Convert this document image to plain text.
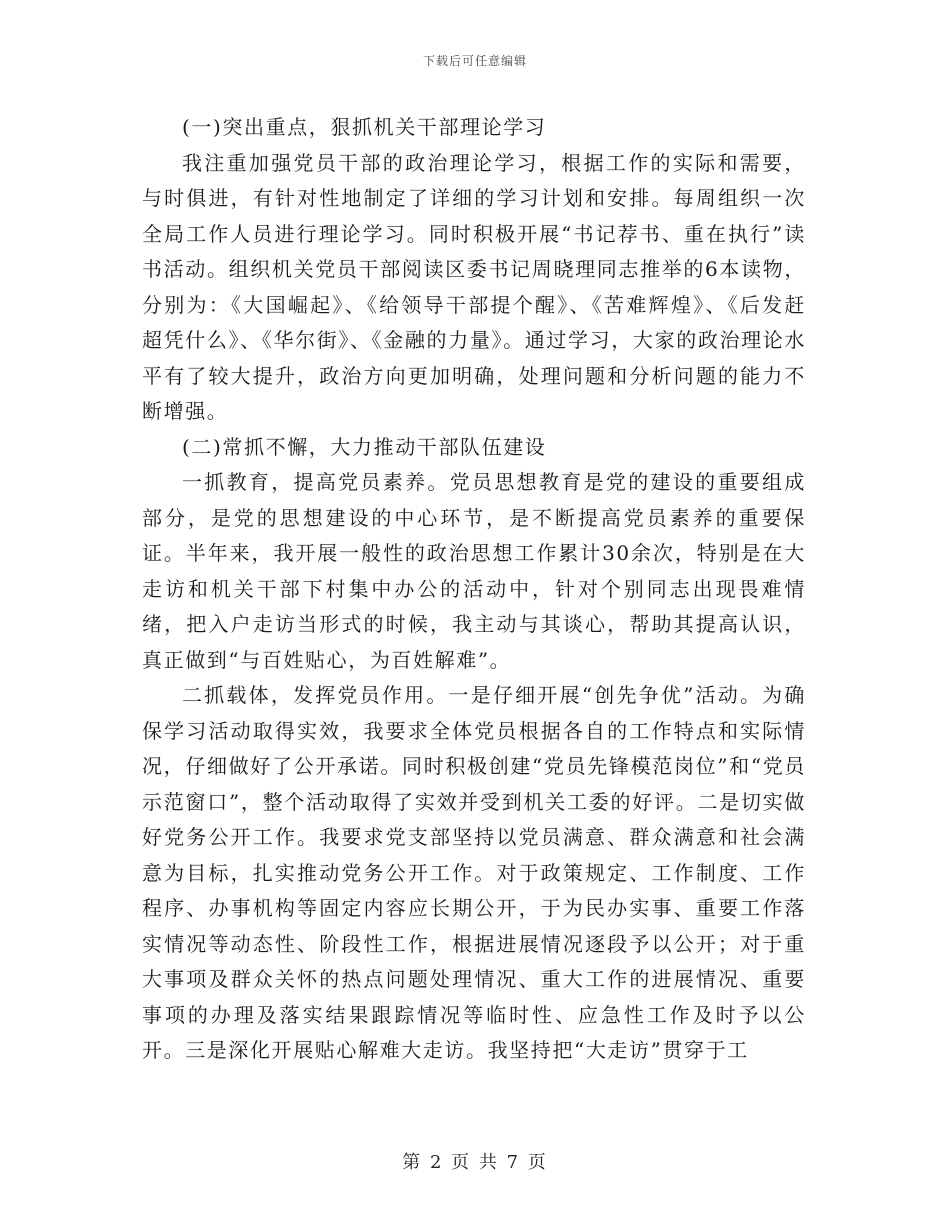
下载后可任意编辑

(一)突出重点，狠抓机关干部理论学习

我注重加强党员干部的政治理论学习，根据工作的实际和需要，与时俱进，有针对性地制定了详细的学习计划和安排。每周组织一次全局工作人员进行理论学习。同时积极开展“书记荐书、重在执行”读书活动。组织机关党员干部阅读区委书记周晓理同志推举的6本读物，分别为：《大国崛起》、《给领导干部提个醒》、《苦难辉煌》、《后发赶超凭什么》、《华尔街》、《金融的力量》。通过学习，大家的政治理论水平有了较大提升，政治方向更加明确，处理问题和分析问题的能力不断增强。

(二)常抓不懈，大力推动干部队伍建设

一抓教育，提高党员素养。党员思想教育是党的建设的重要组成部分，是党的思想建设的中心环节，是不断提高党员素养的重要保证。半年来，我开展一般性的政治思想工作累计30余次，特别是在大走访和机关干部下村集中办公的活动中，针对个别同志出现畏难情绪，把入户走访当形式的时候，我主动与其谈心，帮助其提高认识，真正做到“与百姓贴心，为百姓解难”。

二抓载体，发挥党员作用。一是仔细开展“创先争优”活动。为确保学习活动取得实效，我要求全体党员根据各自的工作特点和实际情况，仔细做好了公开承诺。同时积极创建“党员先锋模范岗位”和“党员示范窗口”，整个活动取得了实效并受到机关工委的好评。二是切实做好党务公开工作。我要求党支部坚持以党员满意、群众满意和社会满意为目标，扎实推动党务公开工作。对于政策规定、工作制度、工作程序、办事机构等固定内容应长期公开，于为民办实事、重要工作落实情况等动态性、阶段性工作，根据进展情况逐段予以公开；对于重大事项及群众关怀的热点问题处理情况、重大工作的进展情况、重要事项的办理及落实结果跟踪情况等临时性、应急性工作及时予以公开。三是深化开展贴心解难大走访。我坚持把“大走访”贯穿于工

第 2 页 共 7 页
